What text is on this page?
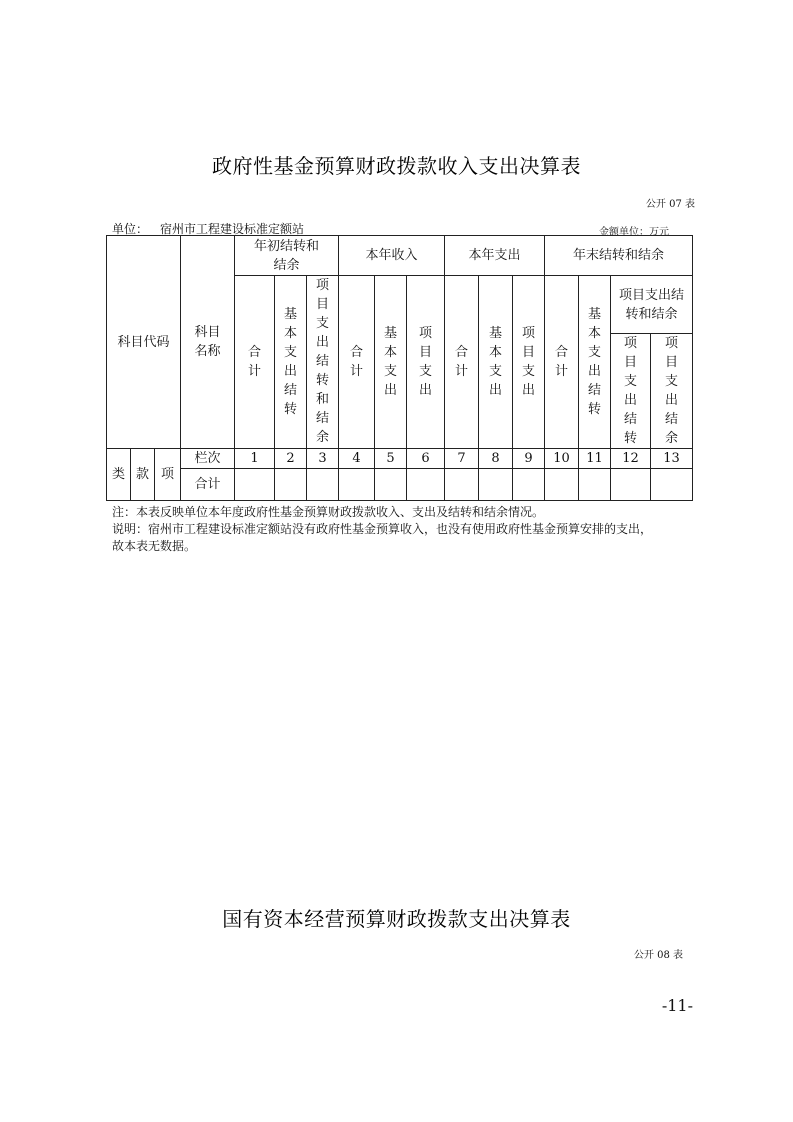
政府性基金预算财政拨款收入支出决算表
公开 07 表
单位： 宿州市工程建设标准定额站	金额单位：万元
科目代码			科目名称	年初结转和结余			本年收入			本年支出			年末结转和结余			

				合计	基本支出结转	项目支出结转和结余	合计	基本支出	项目支出	合计	基本支出	项目支出	合计	基本支出结转	项目支出结转和结余	

															项目支出结转	项目支出结余

类	款	项	栏次	1	2	3	4	5	6	7	8	9	10	11	12	13
			合计													
注：本表反映单位本年度政府性基金预算财政拨款收入、支出及结转和结余情况。
说明：宿州市工程建设标准定额站没有政府性基金预算收入，也没有使用政府性基金预算安排的支出，
故本表无数据。
国有资本经营预算财政拨款支出决算表
公开 08 表
-11-
